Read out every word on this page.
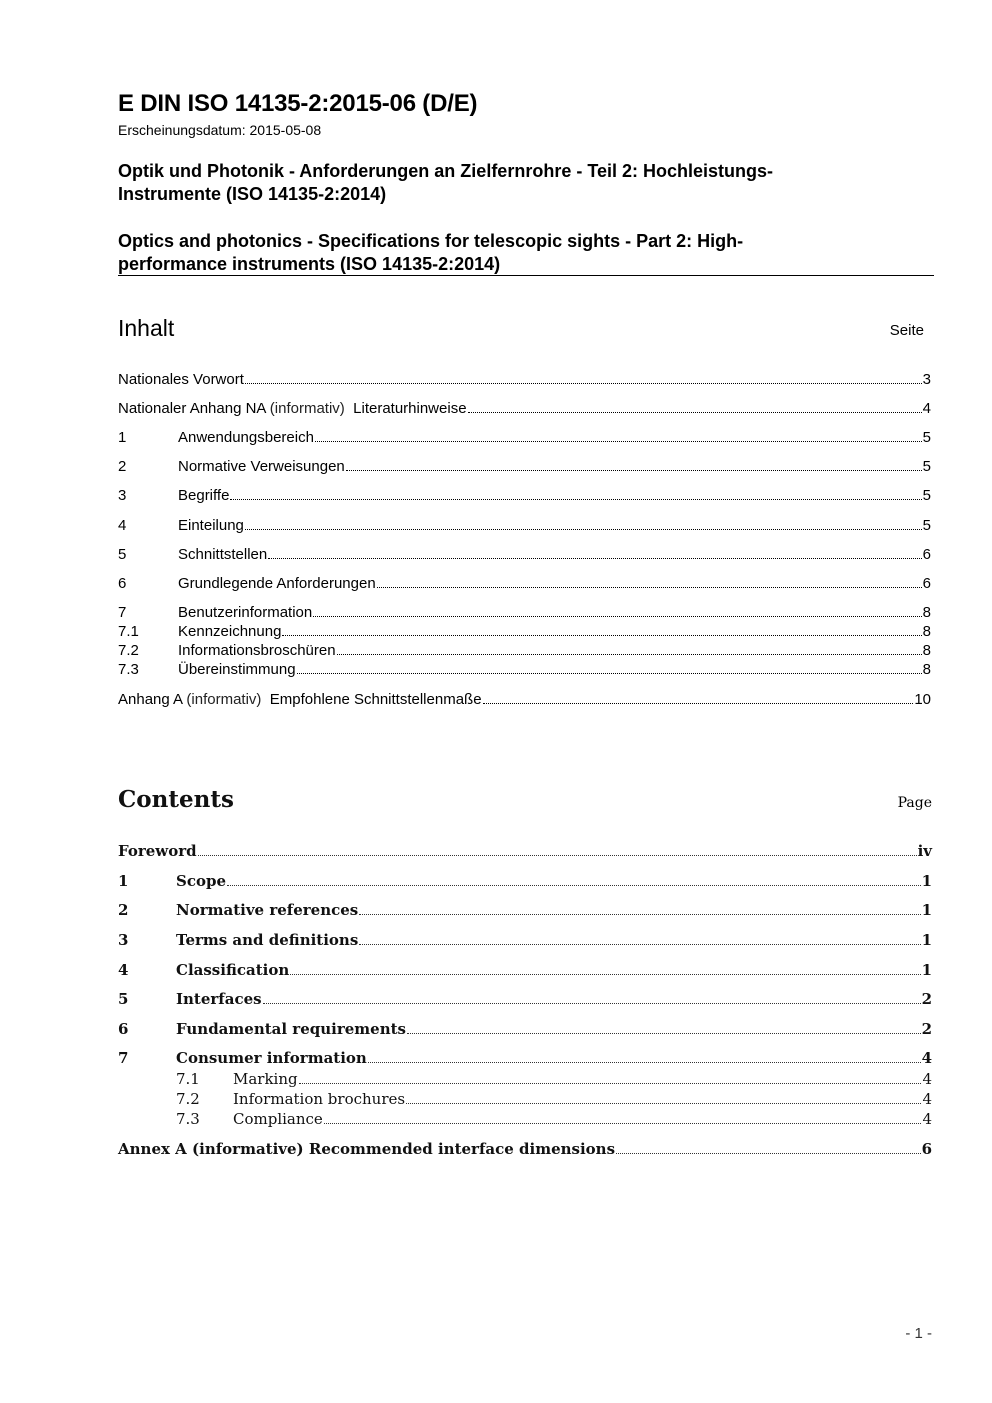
E DIN ISO 14135-2:2015-06 (D/E)
Erscheinungsdatum: 2015-05-08
Optik und Photonik - Anforderungen an Zielfernrohre - Teil 2: Hochleistungs-
Instrumente (ISO 14135-2:2014)
Optics and photonics - Specifications for telescopic sights - Part 2: High-
performance instruments (ISO 14135-2:2014)
Inhalt	Seite
Nationales Vorwort	3
Nationaler Anhang NA (informativ) Literaturhinweise	4
1	Anwendungsbereich	5
2	Normative Verweisungen	5
3	Begriffe	5
4	Einteilung	5
5	Schnittstellen	6
6	Grundlegende Anforderungen	6
7	Benutzerinformation	8
7.1	Kennzeichnung	8
7.2	Informationsbroschüren	8
7.3	Übereinstimmung	8
Anhang A (informativ) Empfohlene Schnittstellenmaße	10
Contents	Page
Foreword	iv
1	Scope	1
2	Normative references	1
3	Terms and definitions	1
4	Classification	1
5	Interfaces	2
6	Fundamental requirements	2
7	Consumer information	4
7.1	Marking	4
7.2	Information brochures	4
7.3	Compliance	4
Annex A (informative) Recommended interface dimensions	6
- 1 -
